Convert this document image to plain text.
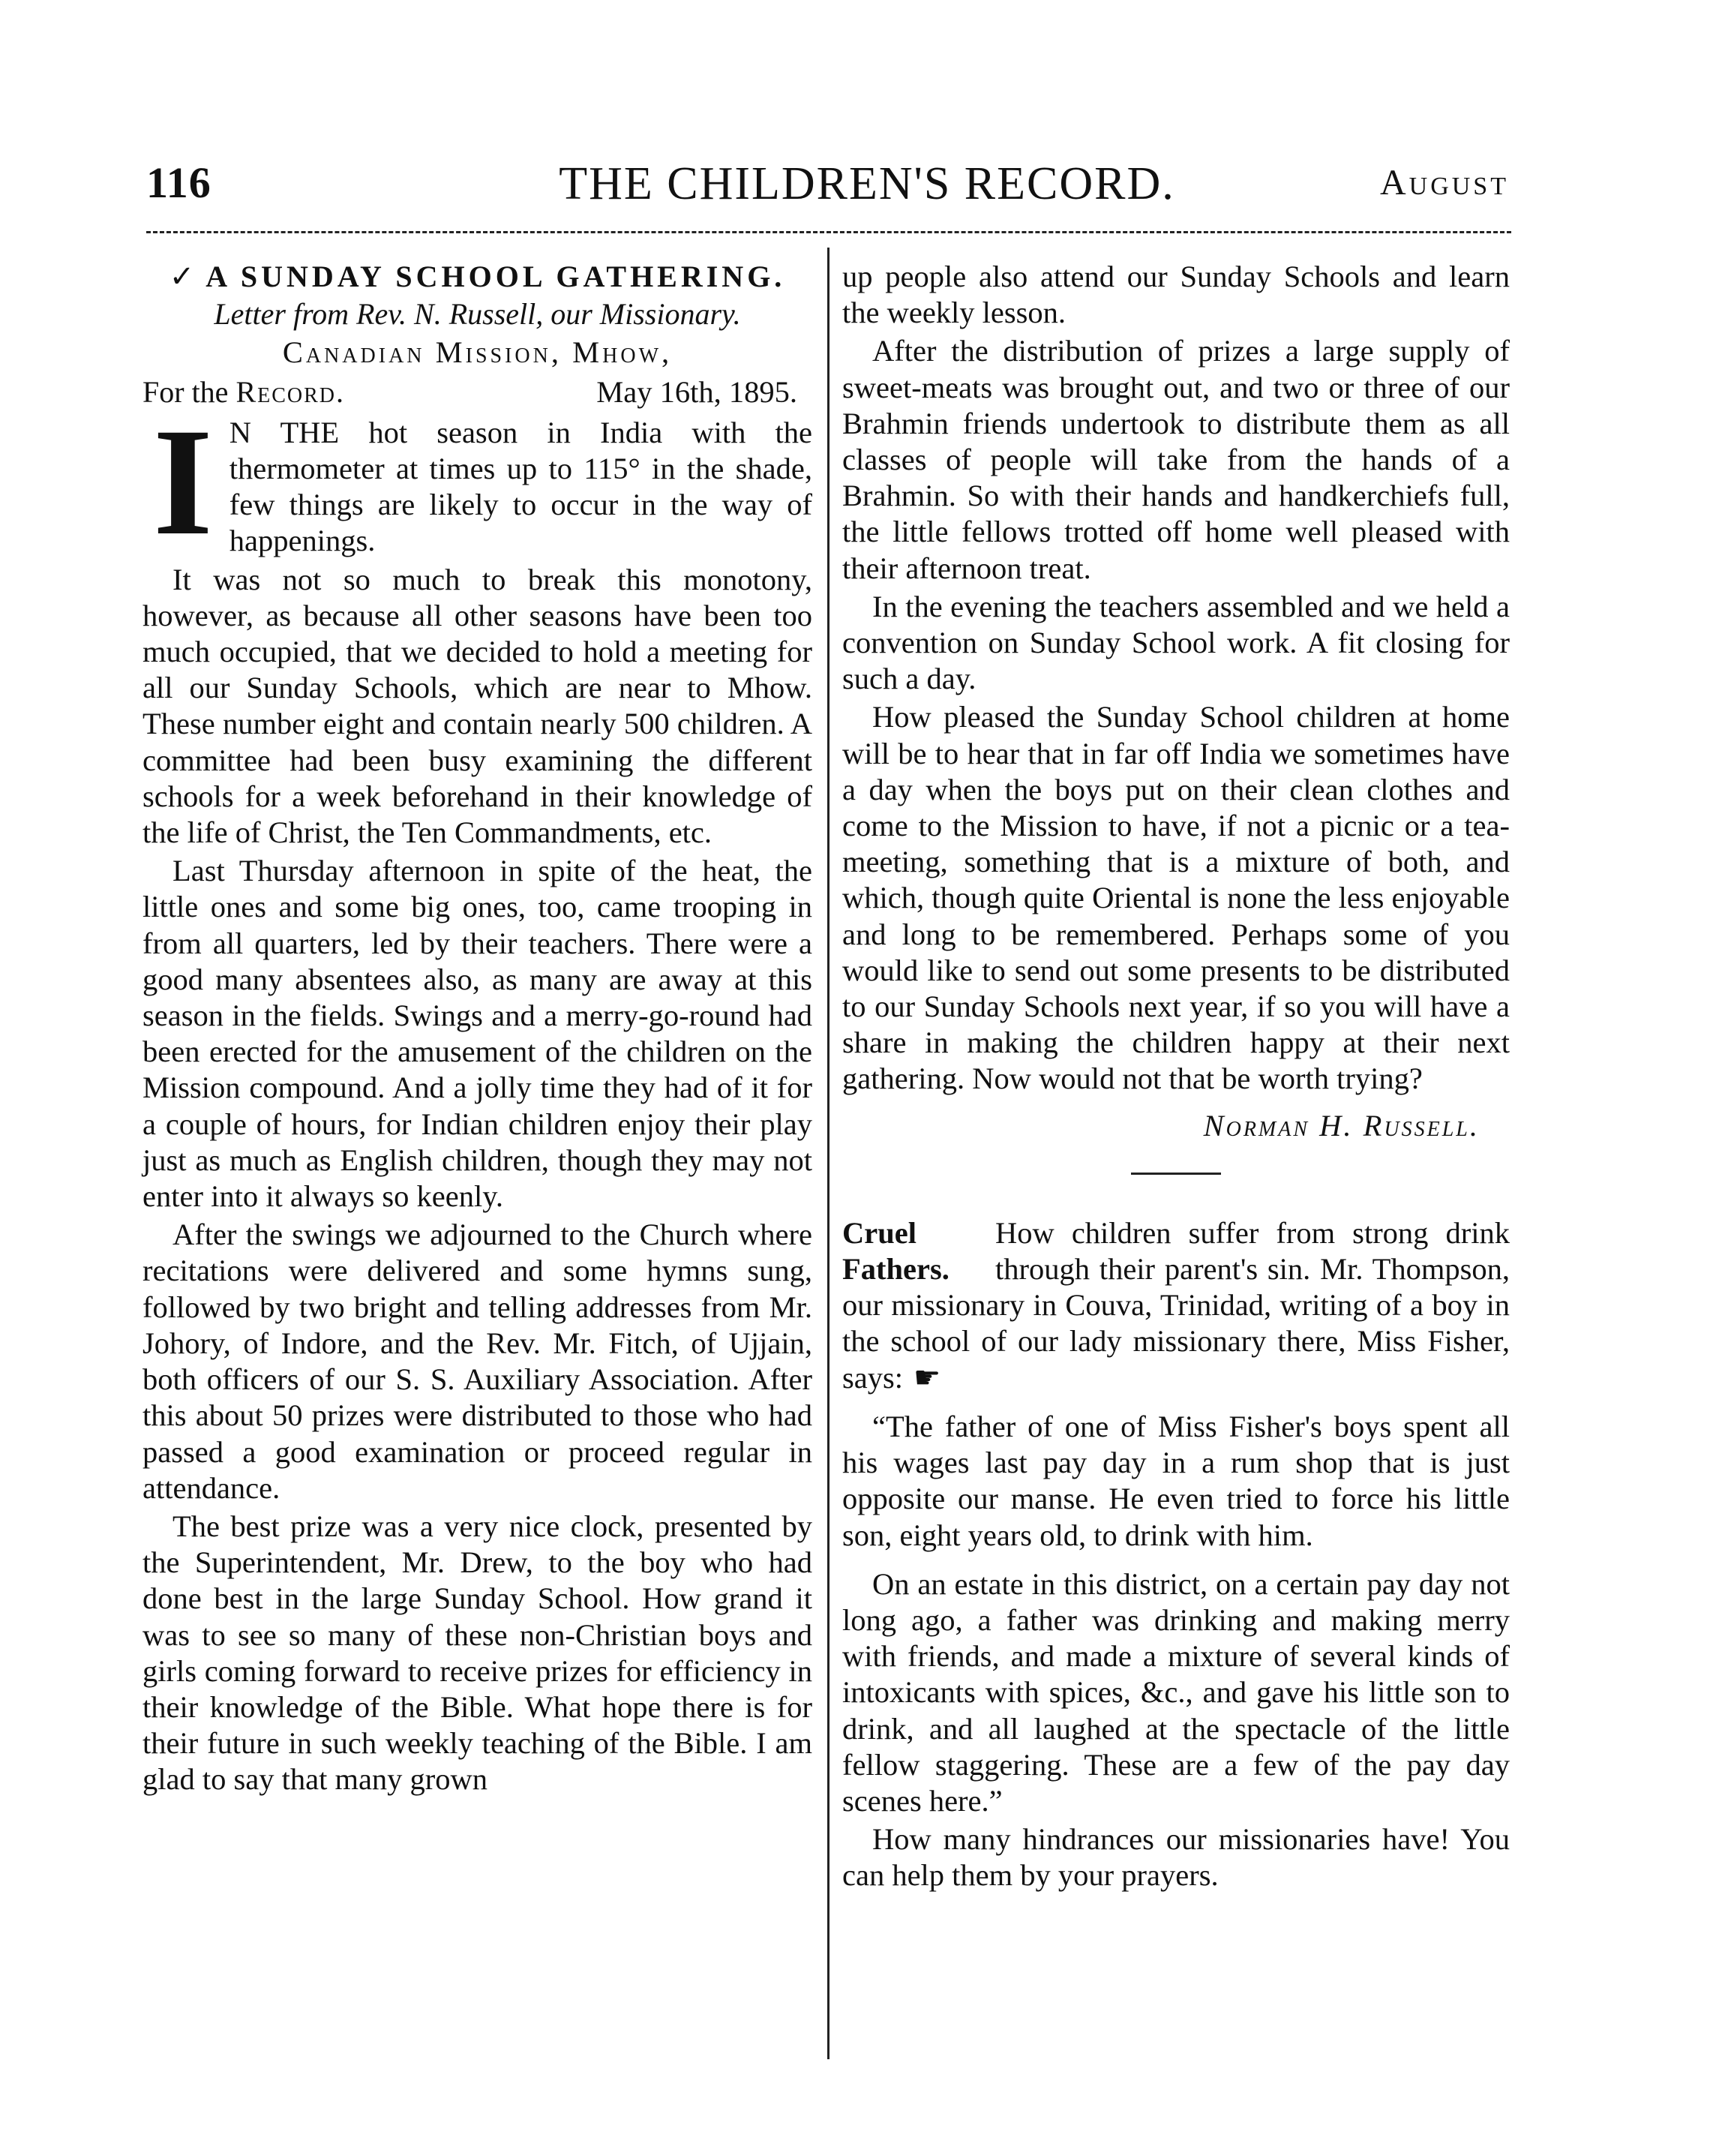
116	THE CHILDREN'S RECORD.	August
✓ A SUNDAY SCHOOL GATHERING.

Letter from Rev. N. Russell, our Missionary.

Canadian Mission, Mhow,

For the Record.	May 16th, 1895.

I N THE hot season in India with the thermometer at times up to 115° in the shade, few things are likely to occur in the way of happenings.

It was not so much to break this monotony, however, as because all other seasons have been too much occupied, that we decided to hold a meeting for all our Sunday Schools, which are near to Mhow. These number eight and contain nearly 500 children. A committee had been busy examining the different schools for a week beforehand in their knowledge of the life of Christ, the Ten Commandments, etc.

Last Thursday afternoon in spite of the heat, the little ones and some big ones, too, came trooping in from all quarters, led by their teachers. There were a good many absentees also, as many are away at this season in the fields. Swings and a merry-go-round had been erected for the amusement of the children on the Mission compound. And a jolly time they had of it for a couple of hours, for Indian children enjoy their play just as much as English children, though they may not enter into it always so keenly.

After the swings we adjourned to the Church where recitations were delivered and some hymns sung, followed by two bright and telling addresses from Mr. Johory, of Indore, and the Rev. Mr. Fitch, of Ujjain, both officers of our S. S. Auxiliary Association. After this about 50 prizes were distributed to those who had passed a good examination or proceed regular in attendance.

The best prize was a very nice clock, presented by the Superintendent, Mr. Drew, to the boy who had done best in the large Sunday School. How grand it was to see so many of these non-Christian boys and girls coming forward to receive prizes for efficiency in their knowledge of the Bible. What hope there is for their future in such weekly teaching of the Bible. I am glad to say that many grown

up people also attend our Sunday Schools and learn the weekly lesson.

After the distribution of prizes a large supply of sweet-meats was brought out, and two or three of our Brahmin friends undertook to distribute them as all classes of people will take from the hands of a Brahmin. So with their hands and handkerchiefs full, the little fellows trotted off home well pleased with their afternoon treat.

In the evening the teachers assembled and we held a convention on Sunday School work. A fit closing for such a day.

How pleased the Sunday School children at home will be to hear that in far off India we sometimes have a day when the boys put on their clean clothes and come to the Mission to have, if not a picnic or a tea-meeting, something that is a mixture of both, and which, though quite Oriental is none the less enjoyable and long to be remembered. Perhaps some of you would like to send out some presents to be distributed to our Sunday Schools next year, if so you will have a share in making the children happy at their next gathering. Now would not that be worth trying?

Norman H. Russell.

Cruel
Fathers.
How children suffer from strong drink through their parent's sin. Mr. Thompson, our missionary in Couva, Trinidad, writing of a boy in the school of our lady missionary there, Miss Fisher, says: ☛

“The father of one of Miss Fisher's boys spent all his wages last pay day in a rum shop that is just opposite our manse. He even tried to force his little son, eight years old, to drink with him.

On an estate in this district, on a certain pay day not long ago, a father was drinking and making merry with friends, and made a mixture of several kinds of intoxicants with spices, &c., and gave his little son to drink, and all laughed at the spectacle of the little fellow staggering. These are a few of the pay day scenes here.”

How many hindrances our missionaries have! You can help them by your prayers.
